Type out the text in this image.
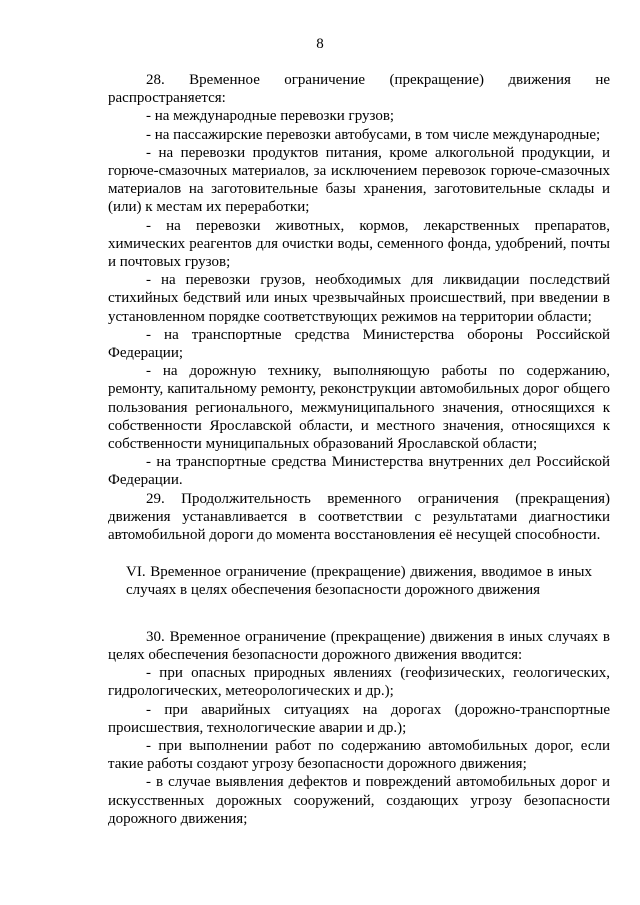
8

28. Временное ограничение (прекращение) движения не распространяется:

- на международные перевозки грузов;

- на пассажирские перевозки автобусами, в том числе международные;

- на перевозки продуктов питания, кроме алкогольной продукции, и горюче-смазочных материалов, за исключением перевозок горюче-смазочных материалов на заготовительные базы хранения, заготовительные склады и (или) к местам их переработки;

- на перевозки животных, кормов, лекарственных препаратов, химических реагентов для очистки воды, семенного фонда, удобрений, почты и почтовых грузов;

- на перевозки грузов, необходимых для ликвидации последствий стихийных бедствий или иных чрезвычайных происшествий, при введении в установленном порядке соответствующих режимов на территории области;

- на транспортные средства Министерства обороны Российской Федерации;

- на дорожную технику, выполняющую работы по содержанию, ремонту, капитальному ремонту, реконструкции автомобильных дорог общего пользования регионального, межмуниципального значения, относящихся к собственности Ярославской области, и местного значения, относящихся к собственности муниципальных образований Ярославской области;

- на транспортные средства Министерства внутренних дел Российской Федерации.

29. Продолжительность временного ограничения (прекращения) движения устанавливается в соответствии с результатами диагностики автомобильной дороги до момента восстановления её несущей способности.

VI. Временное ограничение (прекращение) движения, вводимое в иных случаях в целях обеспечения безопасности дорожного движения

30. Временное ограничение (прекращение) движения в иных случаях в целях обеспечения безопасности дорожного движения вводится:

- при опасных природных явлениях (геофизических, геологических, гидрологических, метеорологических и др.);

- при аварийных ситуациях на дорогах (дорожно-транспортные происшествия, технологические аварии и др.);

- при выполнении работ по содержанию автомобильных дорог, если такие работы создают угрозу безопасности дорожного движения;

- в случае выявления дефектов и повреждений автомобильных дорог и искусственных дорожных сооружений, создающих угрозу безопасности дорожного движения;
